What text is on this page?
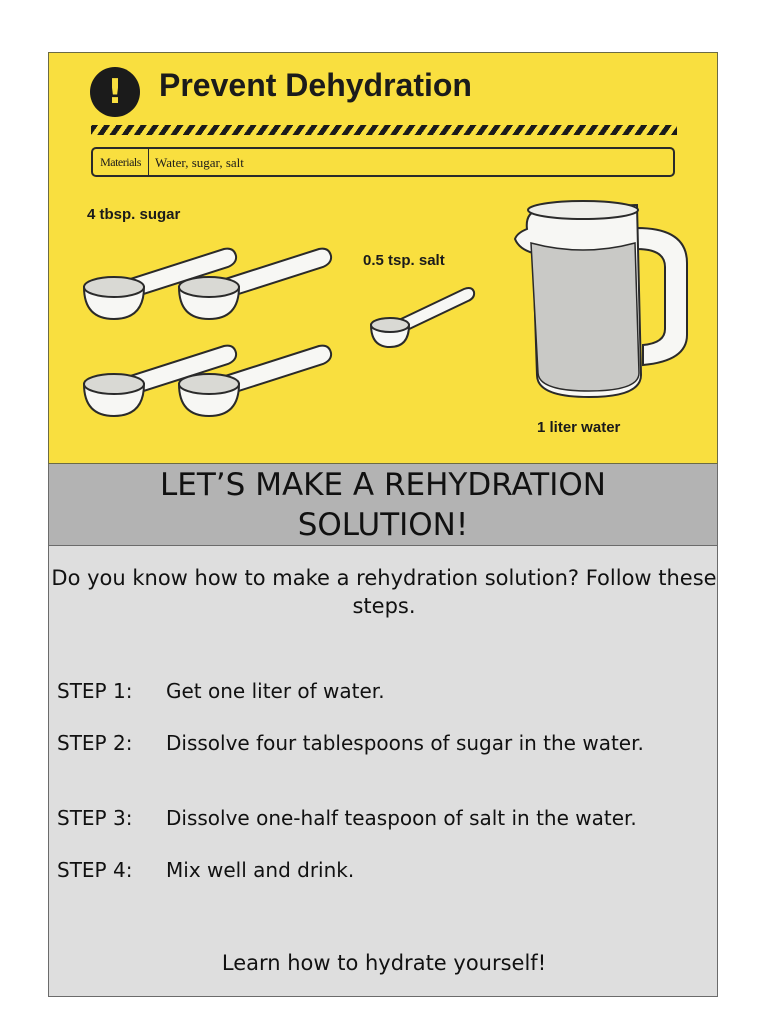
!	Prevent Dehydration
Materials	Water, sugar, salt
4 tbsp. sugar
0.5 tsp. salt
1 liter water
LET’S MAKE A REHYDRATION SOLUTION!
Do you know how to make a rehydration solution? Follow these steps.
STEP 1: Get one liter of water.
STEP 2: Dissolve four tablespoons of sugar in the water.
STEP 3: Dissolve one-half teaspoon of salt in the water.
STEP 4: Mix well and drink.
Learn how to hydrate yourself!
